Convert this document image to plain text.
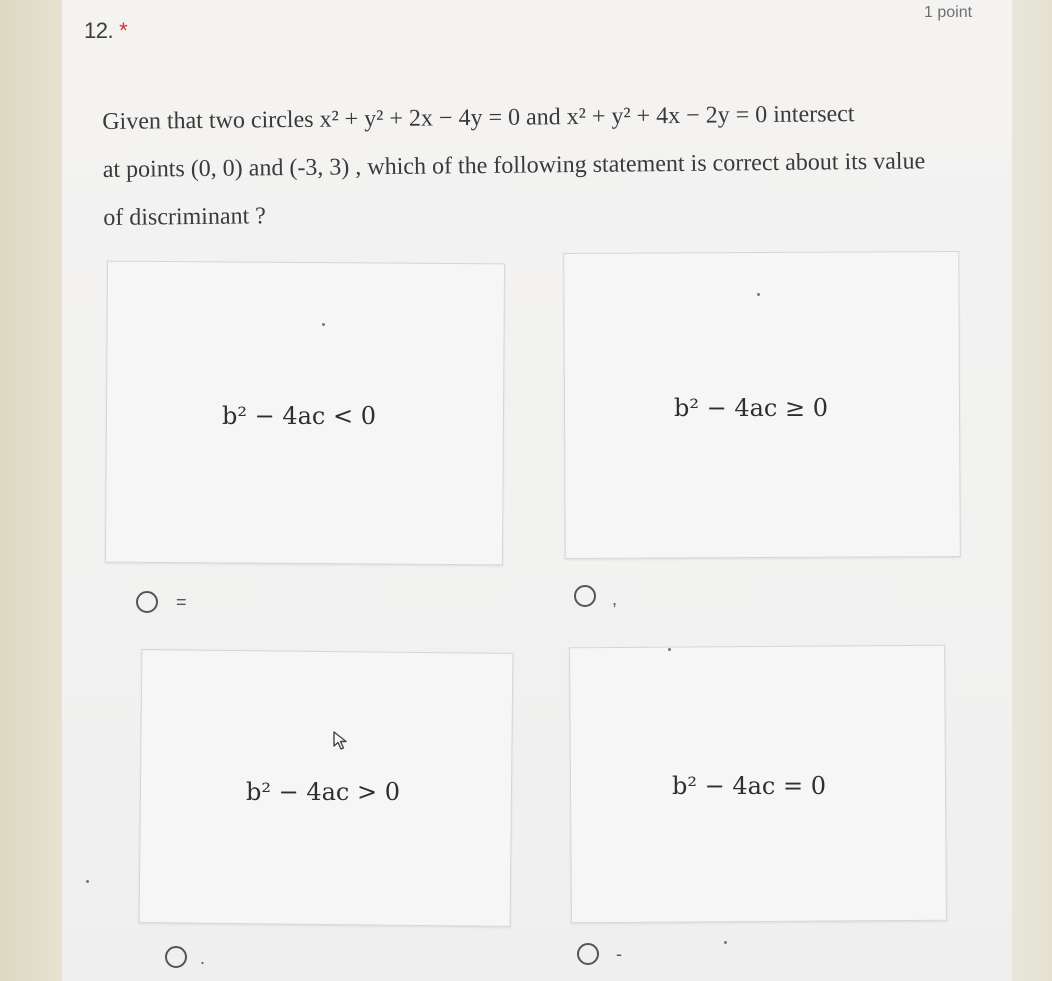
12. *
1 point
Given that two circles x² + y² + 2x − 4y = 0 and x² + y² + 4x − 2y = 0 intersect
at points (0, 0) and (-3, 3) , which of the following statement is correct about its value
of discriminant ?
b² − 4ac < 0
=
b² − 4ac ≥ 0
,
b² − 4ac > 0
.
b² − 4ac = 0
-
